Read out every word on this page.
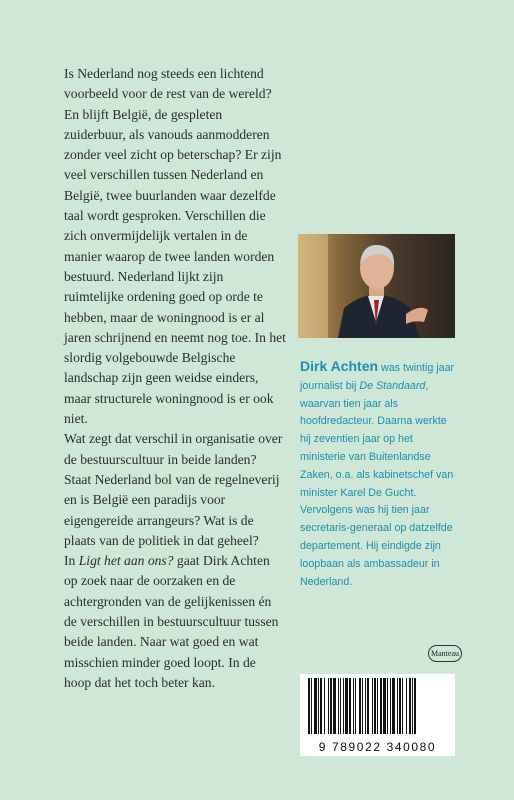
Is Nederland nog steeds een lichtend voorbeeld voor de rest van de wereld? En blijft België, de gespleten zuiderbuur, als vanouds aanmodderen zonder veel zicht op beterschap? Er zijn veel verschillen tussen Nederland en België, twee buurlanden waar dezelfde taal wordt gesproken. Verschillen die zich onvermijdelijk vertalen in de manier waarop de twee landen worden bestuurd. Nederland lijkt zijn ruimtelijke ordening goed op orde te hebben, maar de woningnood is er al jaren schrijnend en neemt nog toe. In het slordig volgebouwde Belgische landschap zijn geen weidse einders, maar structurele woningnood is er ook niet.

Wat zegt dat verschil in organisatie over de bestuurscultuur in beide landen? Staat Nederland bol van de regelneverij en is België een paradijs voor eigengereide arrangeurs? Wat is de plaats van de politiek in dat geheel?

In Ligt het aan ons? gaat Dirk Achten op zoek naar de oorzaken en de achtergronden van de gelijkenissen én de verschillen in bestuurscultuur tussen beide landen. Naar wat goed en wat misschien minder goed loopt. In de hoop dat het toch beter kan.

Dirk Achten was twintig jaar journalist bij De Standaard, waarvan tien jaar als hoofdredacteur. Daarna werkte hij zeventien jaar op het ministerie van Buitenlandse Zaken, o.a. als kabinetschef van minister Karel De Gucht. Vervolgens was hij tien jaar secretaris-generaal op datzelfde departement. Hij eindigde zijn loopbaan als ambassadeur in Nederland.
Manteau
9 789022 340080
